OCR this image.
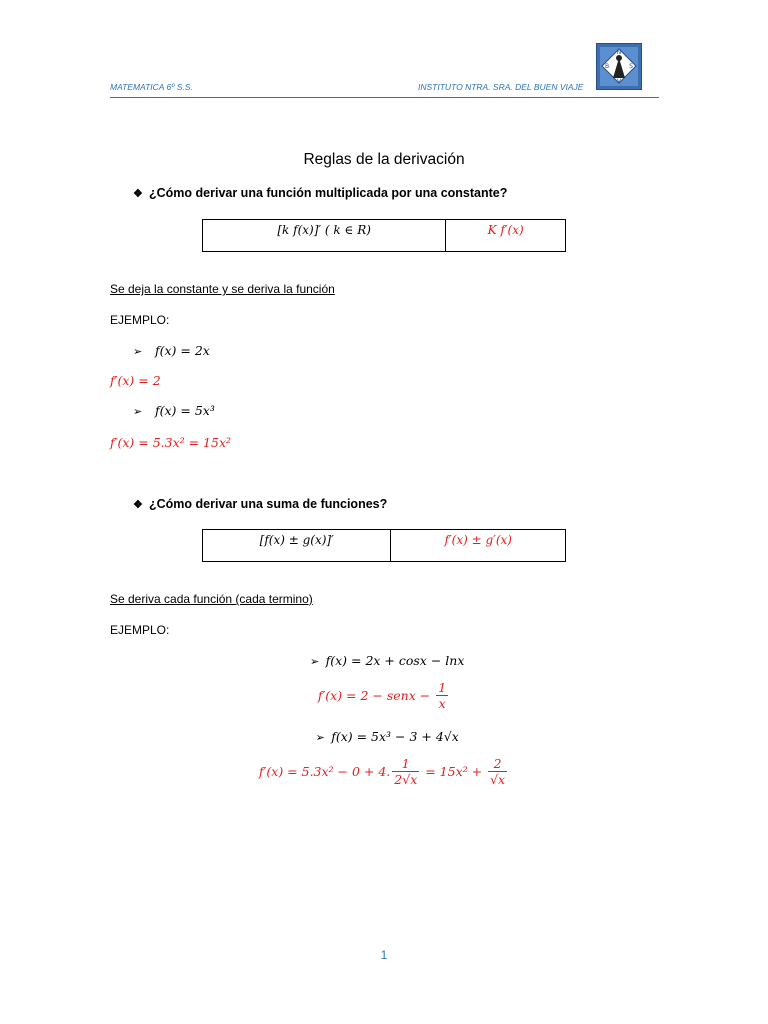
MATEMATICA 6º S.S.	INSTITUTO NTRA. SRA. DEL BUEN VIAJE
N
B	S
V
Reglas de la derivación
❖ ¿Cómo derivar una función multiplicada por una constante?
[k f(x)]′ ( k ∈ R)	K f′(x)
Se deja la constante y se deriva la función
EJEMPLO:
➢ f(x) = 2x
f′(x) = 2
➢ f(x) = 5x³
f′(x) = 5.3x² = 15x²
❖ ¿Cómo derivar una suma de funciones?
[f(x) ± g(x)]′	f′(x) ± g′(x)
Se deriva cada función (cada termino)
EJEMPLO:
➢ f(x) = 2x + cosx − lnx
f′(x) = 2 − senx − $\frac{1}{x}$
➢ f(x) = 5x³ − 3 + 4√x
f′(x) = 5.3x² − 0 + 4. $\frac{1}{2√x} = 15x^2 + \frac{2}{√x}$
1
